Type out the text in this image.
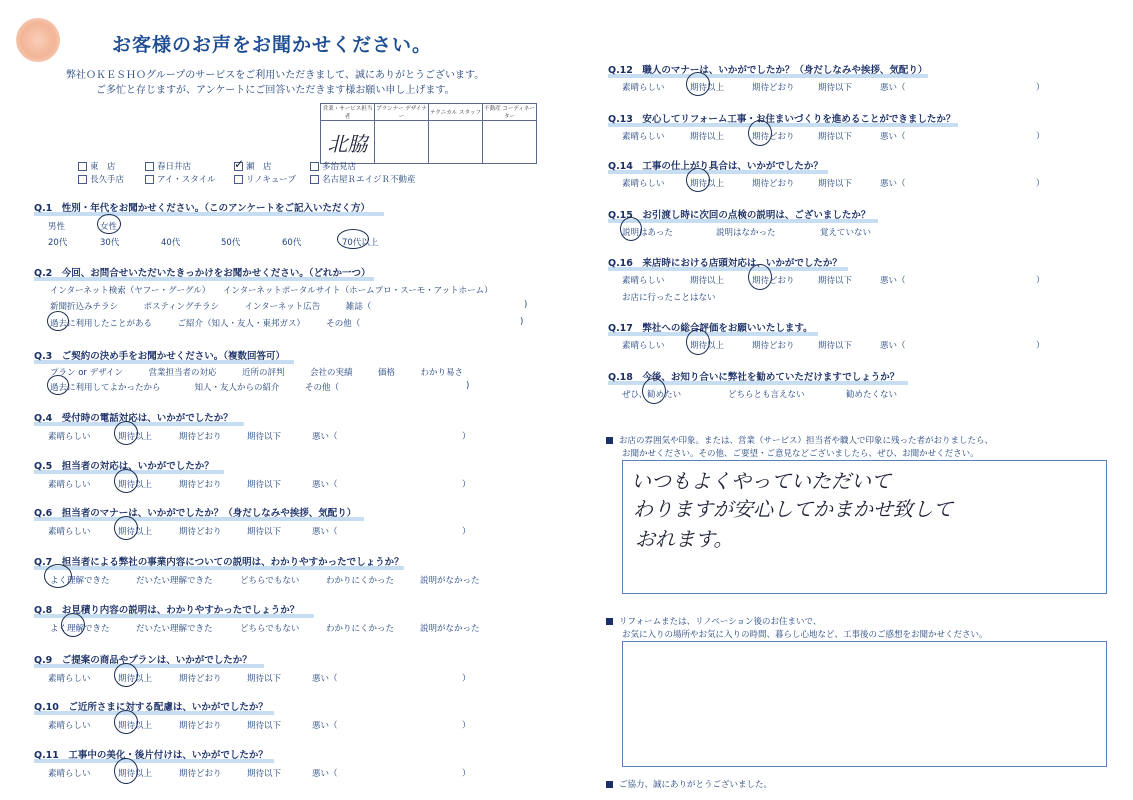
お客様のお声をお聞かせください。
弊社ＯＫＥＳＨＯグループのサービスをご利用いただきまして、誠にありがとうございます。
ご多忙と存じますが、アンケートにご回答いただきます様お願い申し上げます。
営業・サービス担当者	プランナー デザイナー	テクニカル スタッフ	不動産 コーディネーター
北脇			
東　店	春日井店	✓ 瀬　店	多治見店
長久手店	アイ・スタイル	リノキューブ	名古屋ＲエイジＲ不動産
Q.1　性別・年代をお聞かせください。（このアンケートをご記入いただく方）
男性	女性
20代	30代	40代	50代	60代	70代以上
Q.2　今回、お問合せいただいたきっかけをお聞かせください。（どれか一つ）
インターネット検索（ヤフー・グーグル）　　インターネットポータルサイト（ホームプロ・スーモ・アットホーム）
新聞折込みチラシ　　　ポスティングチラシ　　　インターネット広告　　　雑誌（	)
過去に利用したことがある　　　ご紹介（知人・友人・東邦ガス）　　　その他（	)
Q.3　ご契約の決め手をお聞かせください。（複数回答可）
プラン or デザイン　　　営業担当者の対応　　　近所の評判　　　会社の実績　　　価格　　　わかり易さ
過去に利用してよかったから　　　　知人・友人からの紹介　　　その他（	)
Q.4　受付時の電話対応は、いかがでしたか？
素晴らしい	期待以上	期待どおり	期待以下	悪い（	）
Q.5　担当者の対応は、いかがでしたか？
素晴らしい	期待以上	期待どおり	期待以下	悪い（	）
Q.6　担当者のマナーは、いかがでしたか？（身だしなみや挨拶、気配り）
素晴らしい	期待以上	期待どおり	期待以下	悪い（	）
Q.7　担当者による弊社の事業内容についての説明は、わかりやすかったでしょうか？
よく理解できた	だいたい理解できた	どちらでもない	わかりにくかった	説明がなかった
Q.8　お見積り内容の説明は、わかりやすかったでしょうか？
よく理解できた	だいたい理解できた	どちらでもない	わかりにくかった	説明がなかった
Q.9　ご提案の商品やプランは、いかがでしたか？
素晴らしい	期待以上	期待どおり	期待以下	悪い（	）
Q.10　ご近所さまに対する配慮は、いかがでしたか？
素晴らしい	期待以上	期待どおり	期待以下	悪い（	）
Q.11　工事中の美化・後片付けは、いかがでしたか？
素晴らしい	期待以上	期待どおり	期待以下	悪い（	）
Q.12　職人のマナーは、いかがでしたか？（身だしなみや挨拶、気配り）
素晴らしい	期待以上	期待どおり	期待以下	悪い（	）
Q.13　安心してリフォーム工事・お住まいづくりを進めることができましたか？
素晴らしい	期待以上	期待どおり	期待以下	悪い（	）
Q.14　工事の仕上がり具合は、いかがでしたか？
素晴らしい	期待以上	期待どおり	期待以下	悪い（	）
Q.15　お引渡し時に次回の点検の説明は、ございましたか？
説明はあった	説明はなかった	覚えていない
Q.16　来店時における店頭対応は、いかがでしたか？
素晴らしい	期待以上	期待どおり	期待以下	悪い（	）
お店に行ったことはない
Q.17　弊社への総合評価をお願いいたします。
素晴らしい	期待以上	期待どおり	期待以下	悪い（	）
Q.18　今後、お知り合いに弊社を勧めていただけますでしょうか？
ぜひ、勧めたい	どちらとも言えない	勧めたくない
お店の雰囲気や印象。または、営業（サービス）担当者や職人で印象に残った者がおりましたら、
お聞かせください。その他、ご要望・ご意見などございましたら、ぜひ、お聞かせください。
いつもよくやっていただいて
わりますが安心してかまかせ致して
おれます。
リフォームまたは、リノベーション後のお住まいで、
お気に入りの場所やお気に入りの時間、暮らし心地など、工事後のご感想をお聞かせください。
ご協力、誠にありがとうございました。
